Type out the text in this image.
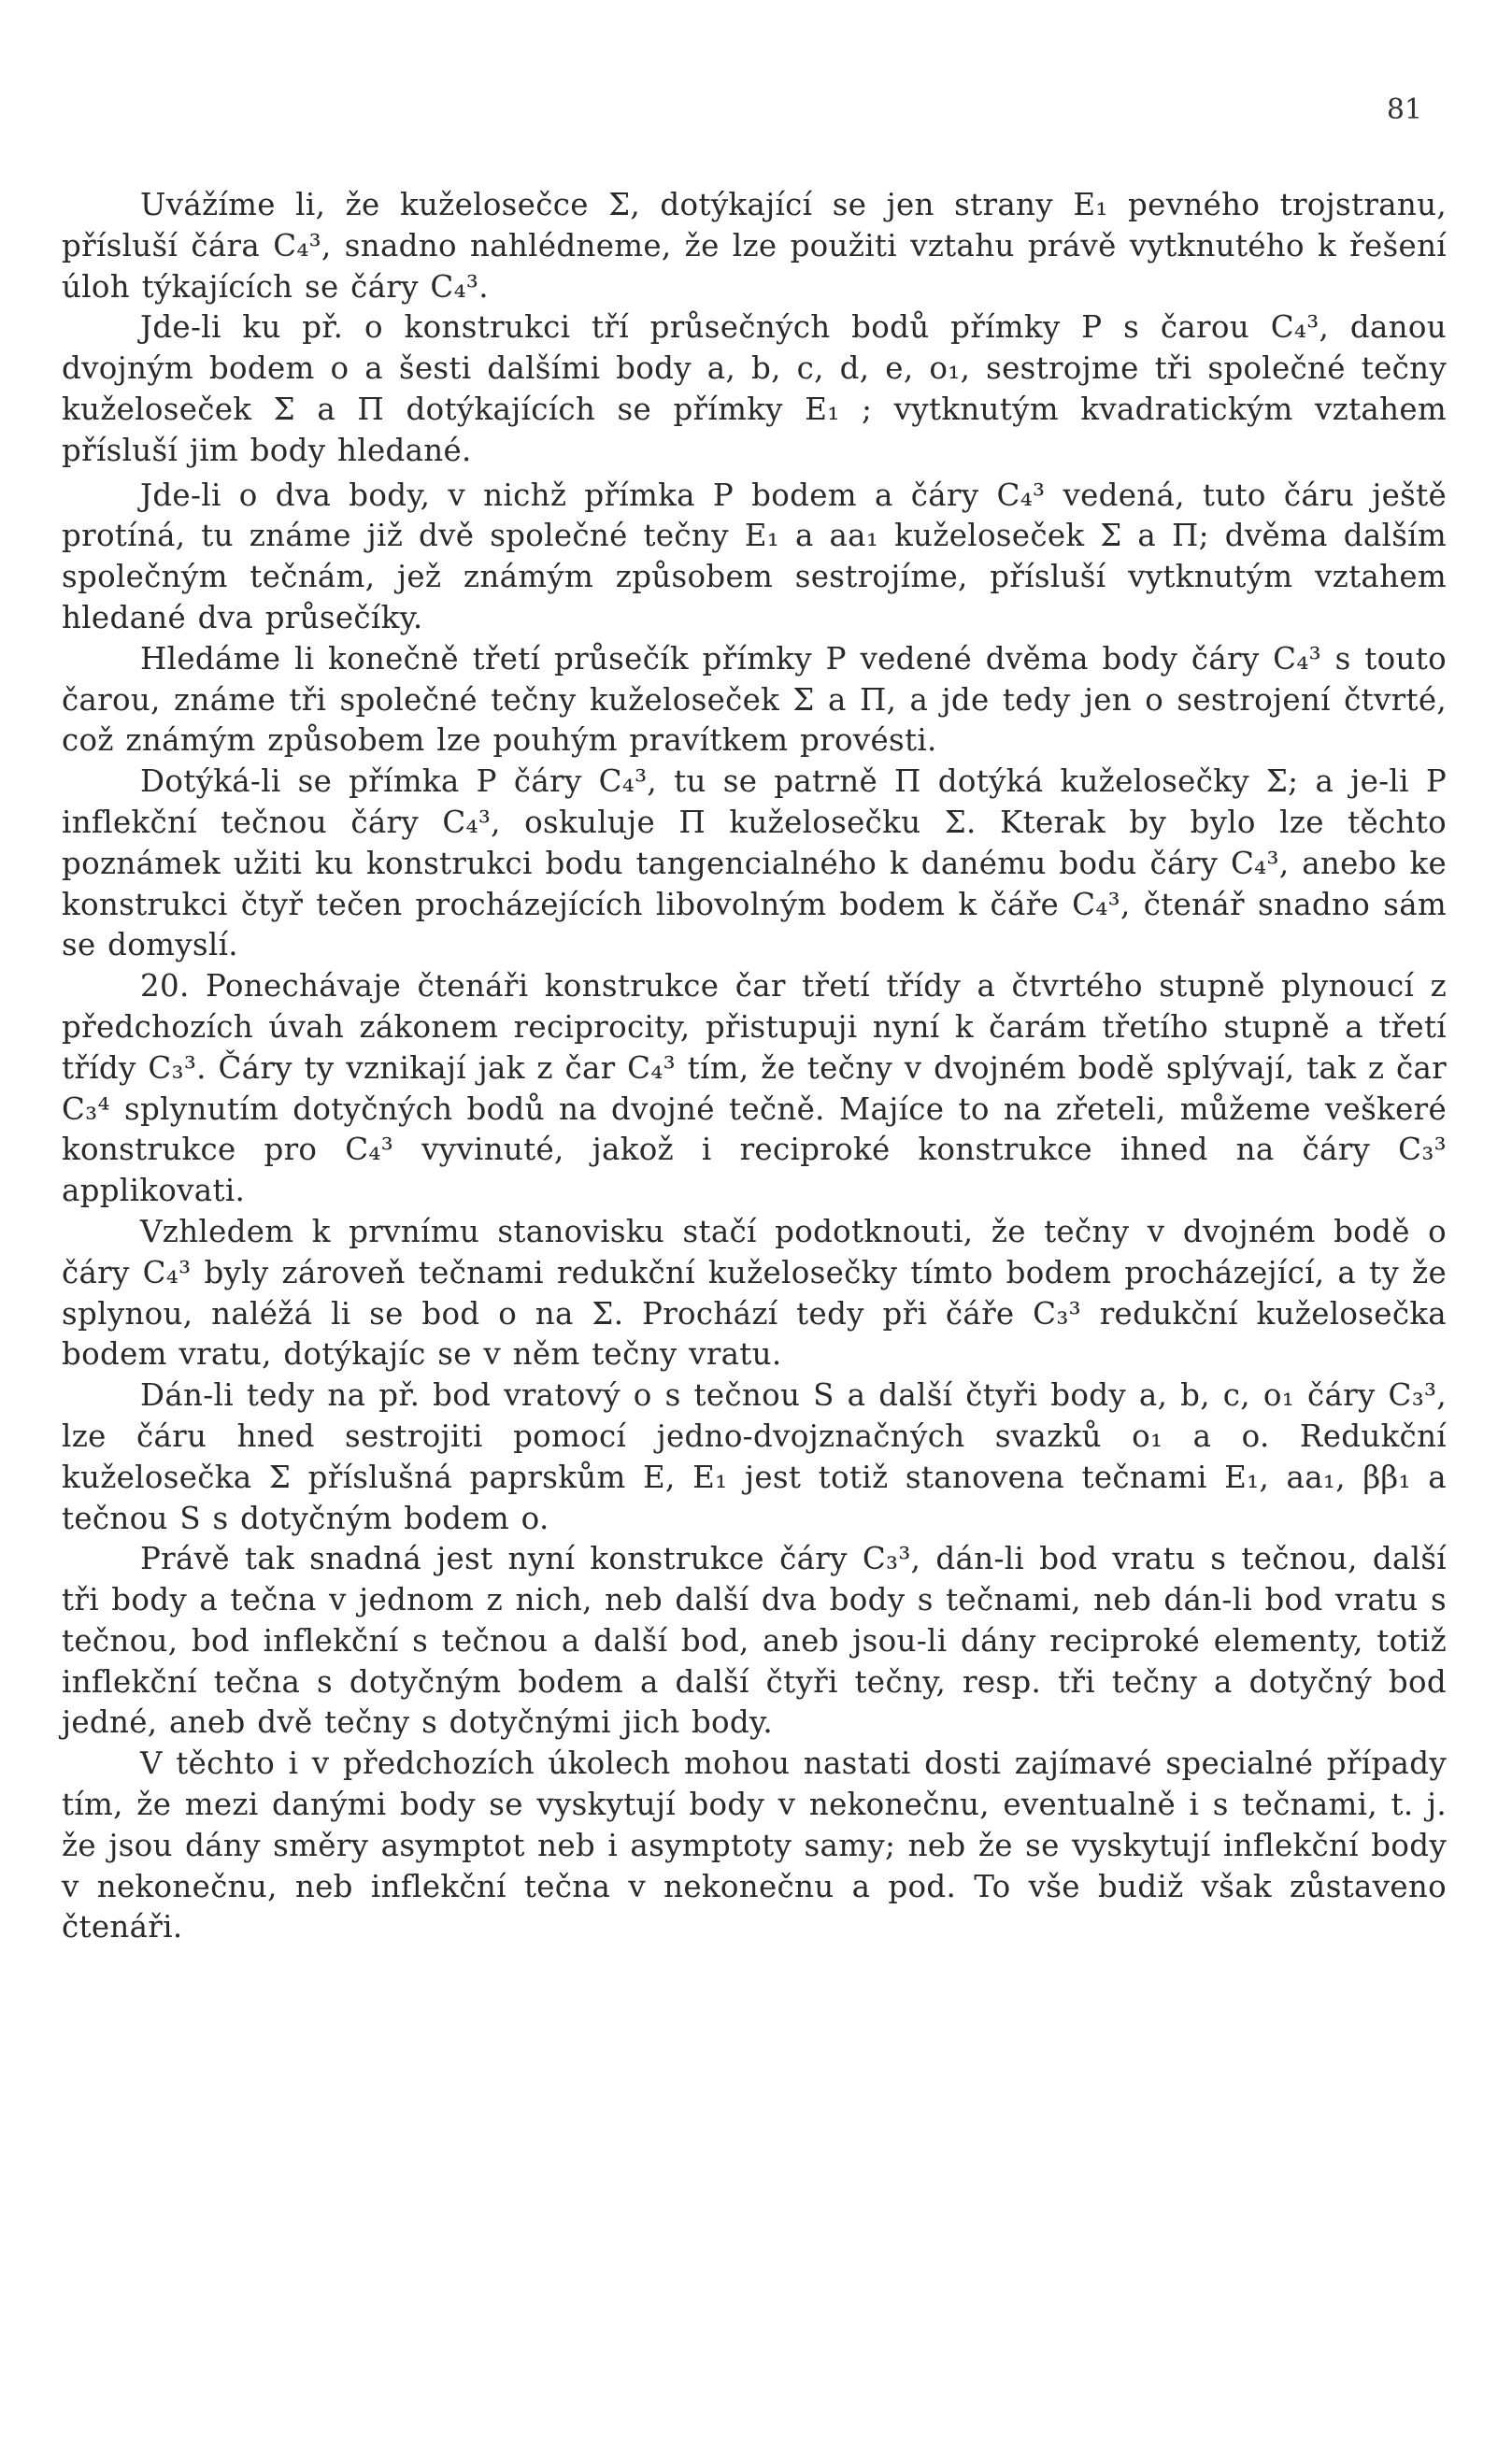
81

Uvážíme li, že kuželosečce Σ, dotýkající se jen strany E₁ pevného trojstranu, přísluší čára C₄³, snadno nahlédneme, že lze použiti vztahu právě vytknutého k řešení úloh týkajících se čáry C₄³.

Jde-li ku př. o konstrukci tří průsečných bodů přímky P s čarou C₄³, danou dvojným bodem o a šesti dalšími body a, b, c, d, e, o₁, sestrojme tři společné tečny kuželoseček Σ a Π dotýkajících se přímky E₁ ; vytknutým kvadratickým vztahem přísluší jim body hledané.

Jde-li o dva body, v nichž přímka P bodem a čáry C₄³ vedená, tuto čáru ještě protíná, tu známe již dvě společné tečny E₁ a aa₁ kuželoseček Σ a Π; dvěma dalším společným tečnám, jež známým způsobem sestrojíme, přísluší vytknutým vztahem hledané dva průsečíky.

Hledáme li konečně třetí průsečík přímky P vedené dvěma body čáry C₄³ s touto čarou, známe tři společné tečny kuželoseček Σ a Π, a jde tedy jen o sestrojení čtvrté, což známým způsobem lze pouhým pravítkem provésti.

Dotýká-li se přímka P čáry C₄³, tu se patrně Π dotýká kuželosečky Σ; a je-li P inflekční tečnou čáry C₄³, oskuluje Π kuželosečku Σ. Kterak by bylo lze těchto poznámek užiti ku konstrukci bodu tangencialného k danému bodu čáry C₄³, anebo ke konstrukci čtyř tečen procházejících libovolným bodem k čáře C₄³, čtenář snadno sám se domyslí.

20. Ponechávaje čtenáři konstrukce čar třetí třídy a čtvrtého stupně plynoucí z předchozích úvah zákonem reciprocity, přistupuji nyní k čarám třetího stupně a třetí třídy C₃³. Čáry ty vznikají jak z čar C₄³ tím, že tečny v dvojném bodě splývají, tak z čar C₃⁴ splynutím dotyčných bodů na dvojné tečně. Majíce to na zřeteli, můžeme veškeré konstrukce pro C₄³ vyvinuté, jakož i reciproké konstrukce ihned na čáry C₃³ applikovati.

Vzhledem k prvnímu stanovisku stačí podotknouti, že tečny v dvojném bodě o čáry C₄³ byly zároveň tečnami redukční kuželosečky tímto bodem procházející, a ty že splynou, naléžá li se bod o na Σ. Prochází tedy při čáře C₃³ redukční kuželosečka bodem vratu, dotýkajíc se v něm tečny vratu.

Dán-li tedy na př. bod vratový o s tečnou S a další čtyři body a, b, c, o₁ čáry C₃³, lze čáru hned sestrojiti pomocí jedno-dvojznačných svazků o₁ a o. Redukční kuželosečka Σ příslušná paprskům E, E₁ jest totiž stanovena tečnami E₁, aa₁, ββ₁ a tečnou S s dotyčným bodem o.

Právě tak snadná jest nyní konstrukce čáry C₃³, dán-li bod vratu s tečnou, další tři body a tečna v jednom z nich, neb další dva body s tečnami, neb dán-li bod vratu s tečnou, bod inflekční s tečnou a další bod, aneb jsou-li dány reciproké elementy, totiž inflekční tečna s dotyčným bodem a další čtyři tečny, resp. tři tečny a dotyčný bod jedné, aneb dvě tečny s dotyčnými jich body.

V těchto i v předchozích úkolech mohou nastati dosti zajímavé specialné případy tím, že mezi danými body se vyskytují body v nekonečnu, eventualně i s tečnami, t. j. že jsou dány směry asymptot neb i asymptoty samy; neb že se vyskytují inflekční body v nekonečnu, neb inflekční tečna v nekonečnu a pod. To vše budiž však zůstaveno čtenáři.
